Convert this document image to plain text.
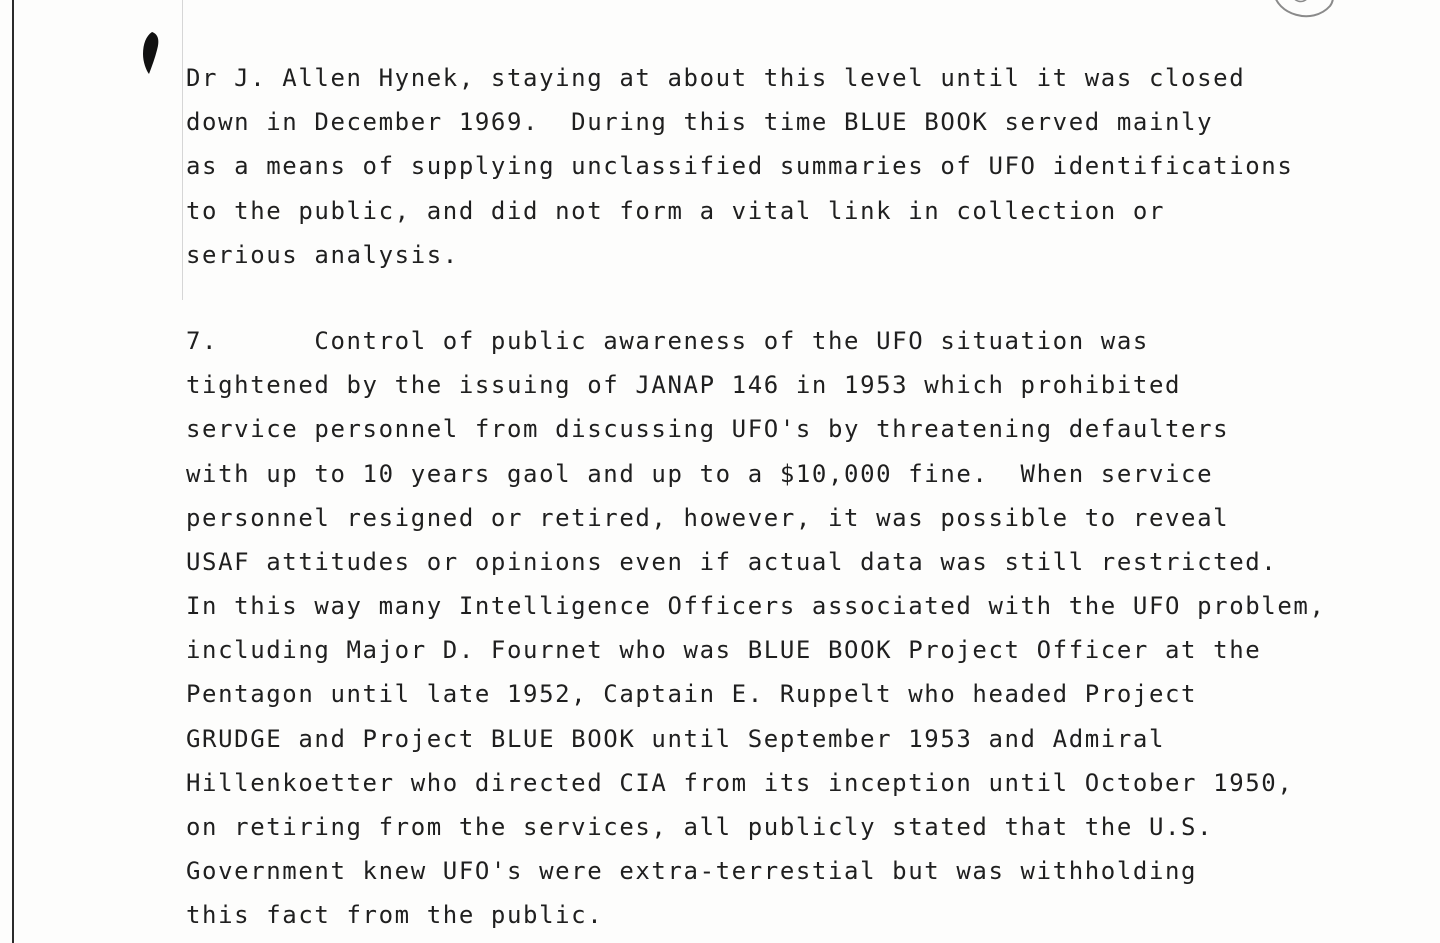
Dr J. Allen Hynek, staying at about this level until it was closed
down in December 1969.  During this time BLUE BOOK served mainly
as a means of supplying unclassified summaries of UFO identifications
to the public, and did not form a vital link in collection or
serious analysis.
7.      Control of public awareness of the UFO situation was
tightened by the issuing of JANAP 146 in 1953 which prohibited
service personnel from discussing UFO's by threatening defaulters
with up to 10 years gaol and up to a $10,000 fine.  When service
personnel resigned or retired, however, it was possible to reveal
USAF attitudes or opinions even if actual data was still restricted.
In this way many Intelligence Officers associated with the UFO problem,
including Major D. Fournet who was BLUE BOOK Project Officer at the
Pentagon until late 1952, Captain E. Ruppelt who headed Project
GRUDGE and Project BLUE BOOK until September 1953 and Admiral
Hillenkoetter who directed CIA from its inception until October 1950,
on retiring from the services, all publicly stated that the U.S.
Government knew UFO's were extra-terrestial but was withholding
this fact from the public.
